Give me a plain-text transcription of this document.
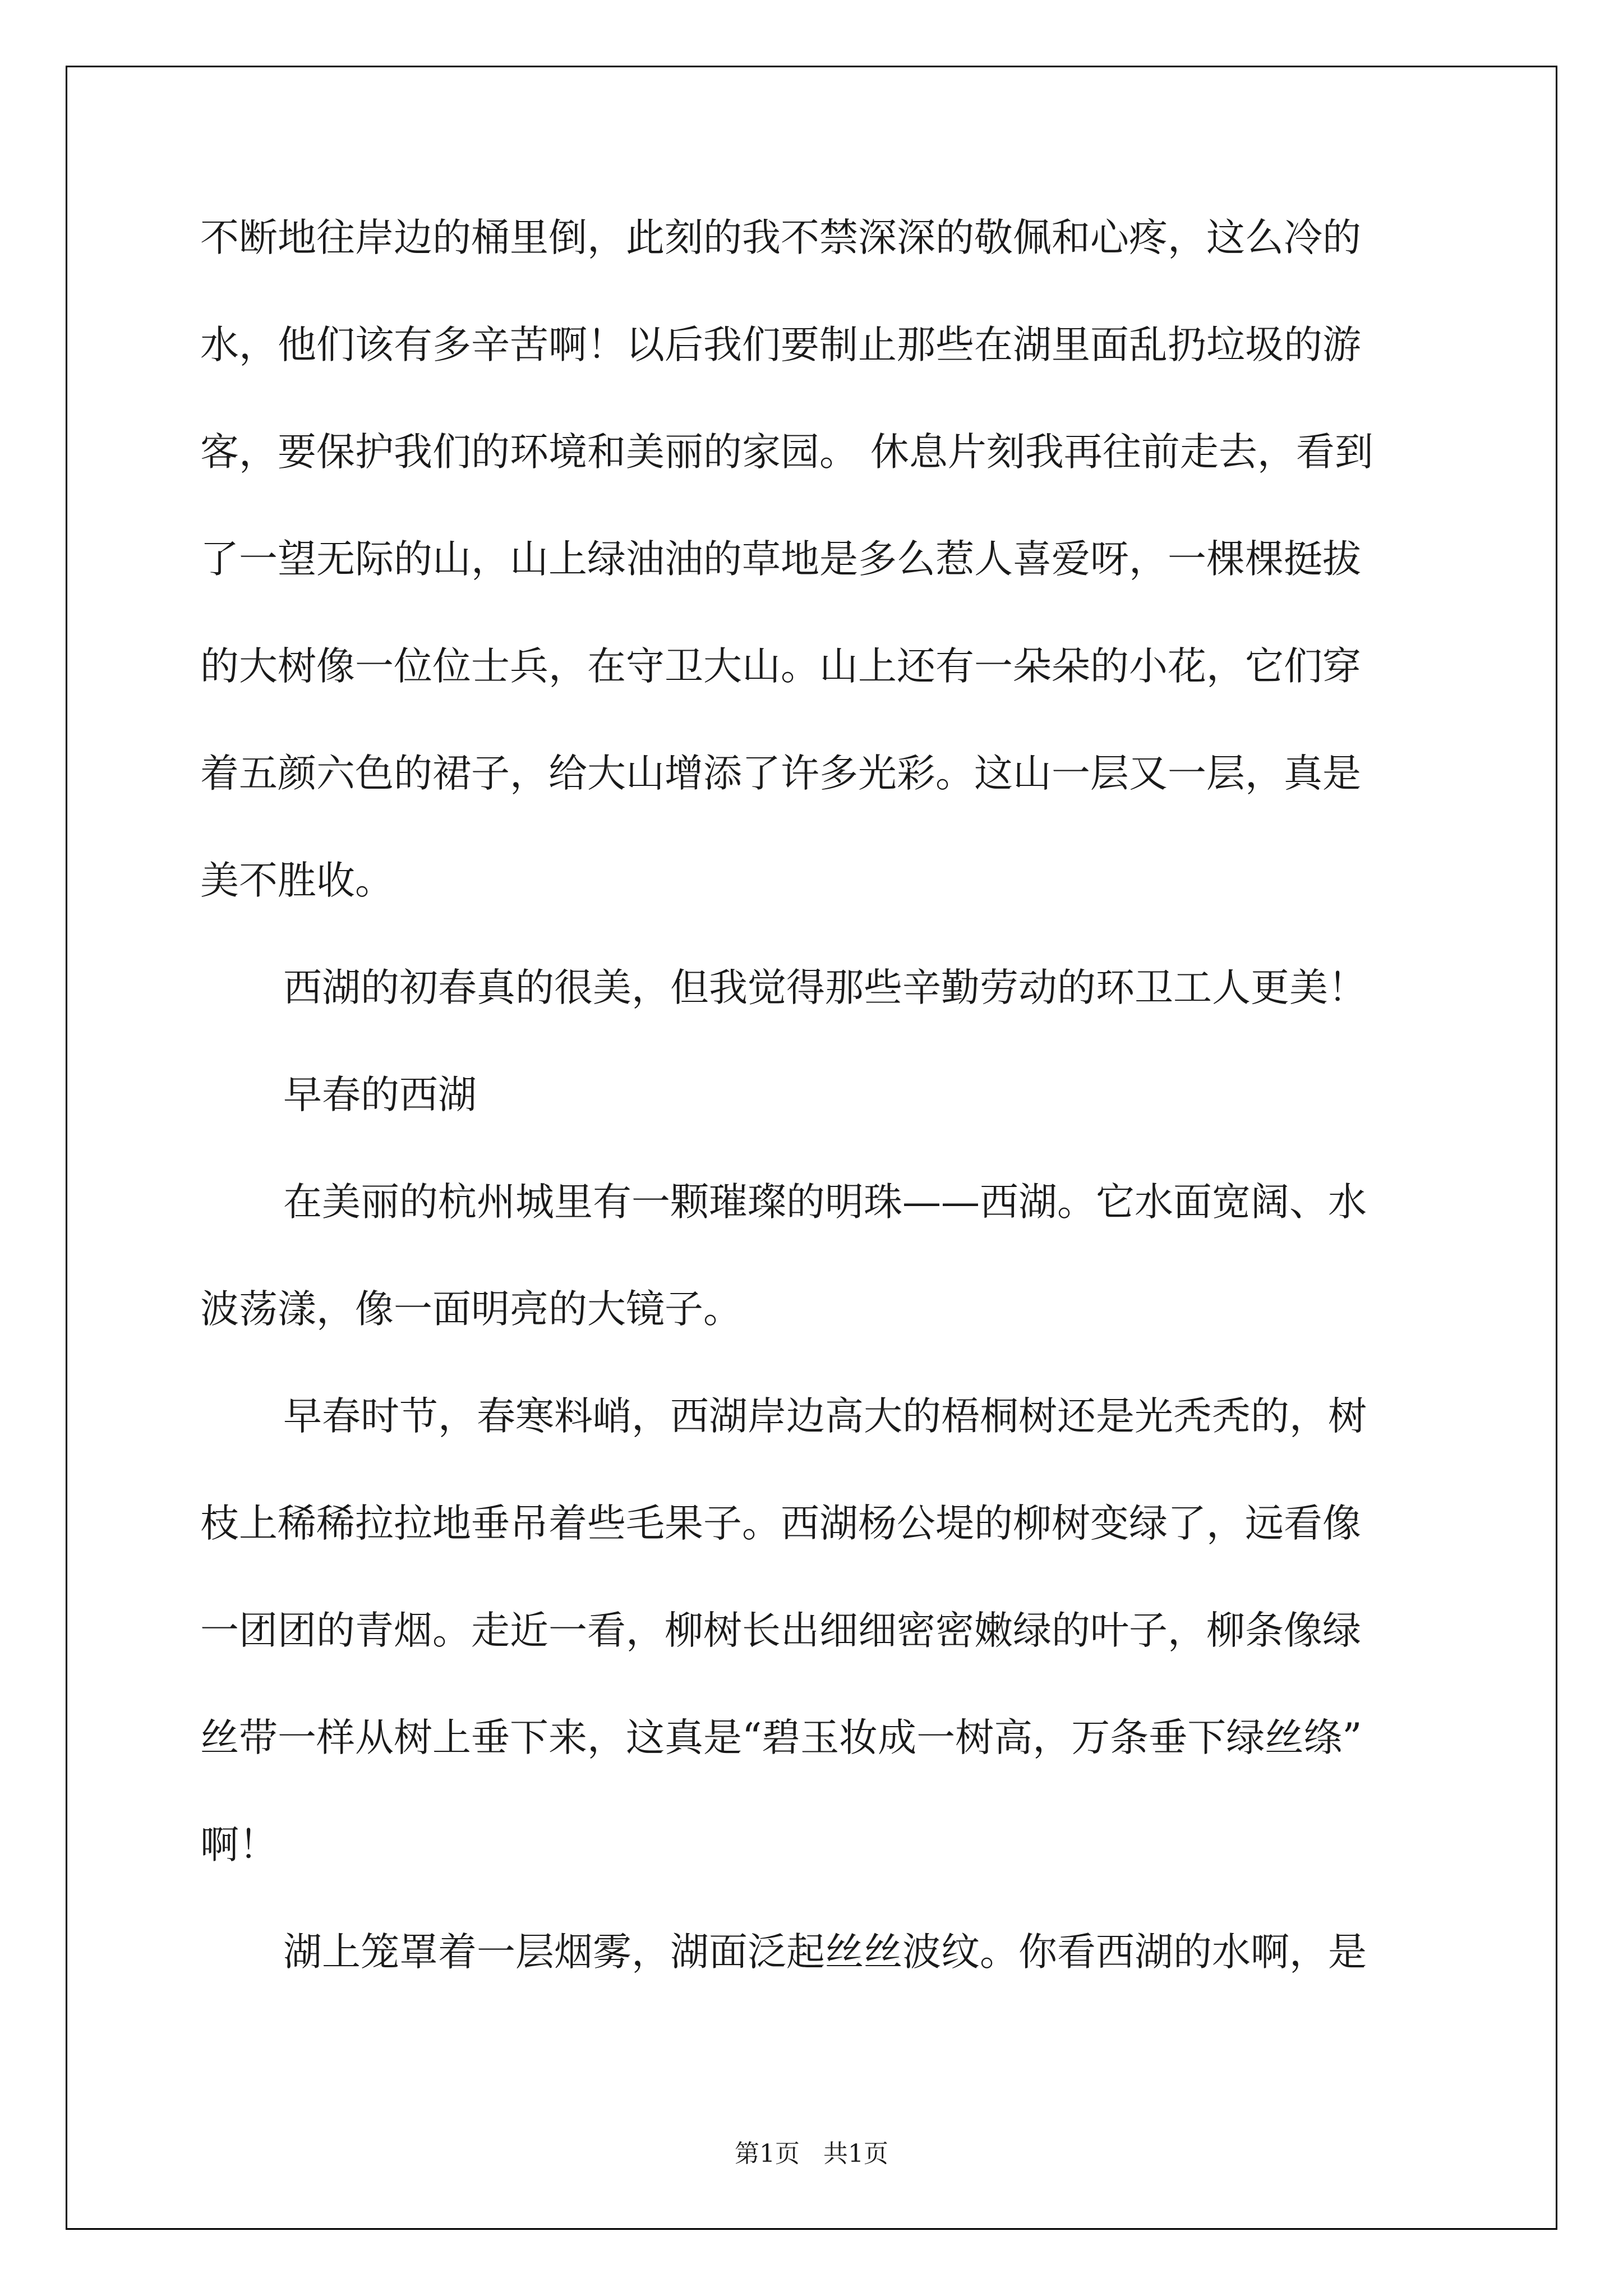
不断地往岸边的桶里倒，此刻的我不禁深深的敬佩和心疼，这么冷的
水，他们该有多辛苦啊！以后我们要制止那些在湖里面乱扔垃圾的游
客，要保护我们的环境和美丽的家园。 休息片刻我再往前走去，看到
了一望无际的山，山上绿油油的草地是多么惹人喜爱呀，一棵棵挺拔
的大树像一位位士兵，在守卫大山。山上还有一朵朵的小花，它们穿
着五颜六色的裙子，给大山增添了许多光彩。这山一层又一层，真是
美不胜收。
西湖的初春真的很美，但我觉得那些辛勤劳动的环卫工人更美！
早春的西湖
在美丽的杭州城里有一颗璀璨的明珠——西湖。它水面宽阔、水
波荡漾，像一面明亮的大镜子。
早春时节，春寒料峭，西湖岸边高大的梧桐树还是光秃秃的，树
枝上稀稀拉拉地垂吊着些毛果子。西湖杨公堤的柳树变绿了，远看像
一团团的青烟。走近一看，柳树长出细细密密嫩绿的叶子，柳条像绿
丝带一样从树上垂下来，这真是“碧玉妆成一树高，万条垂下绿丝绦”
啊！
湖上笼罩着一层烟雾，湖面泛起丝丝波纹。你看西湖的水啊，是
第1页   共1页
